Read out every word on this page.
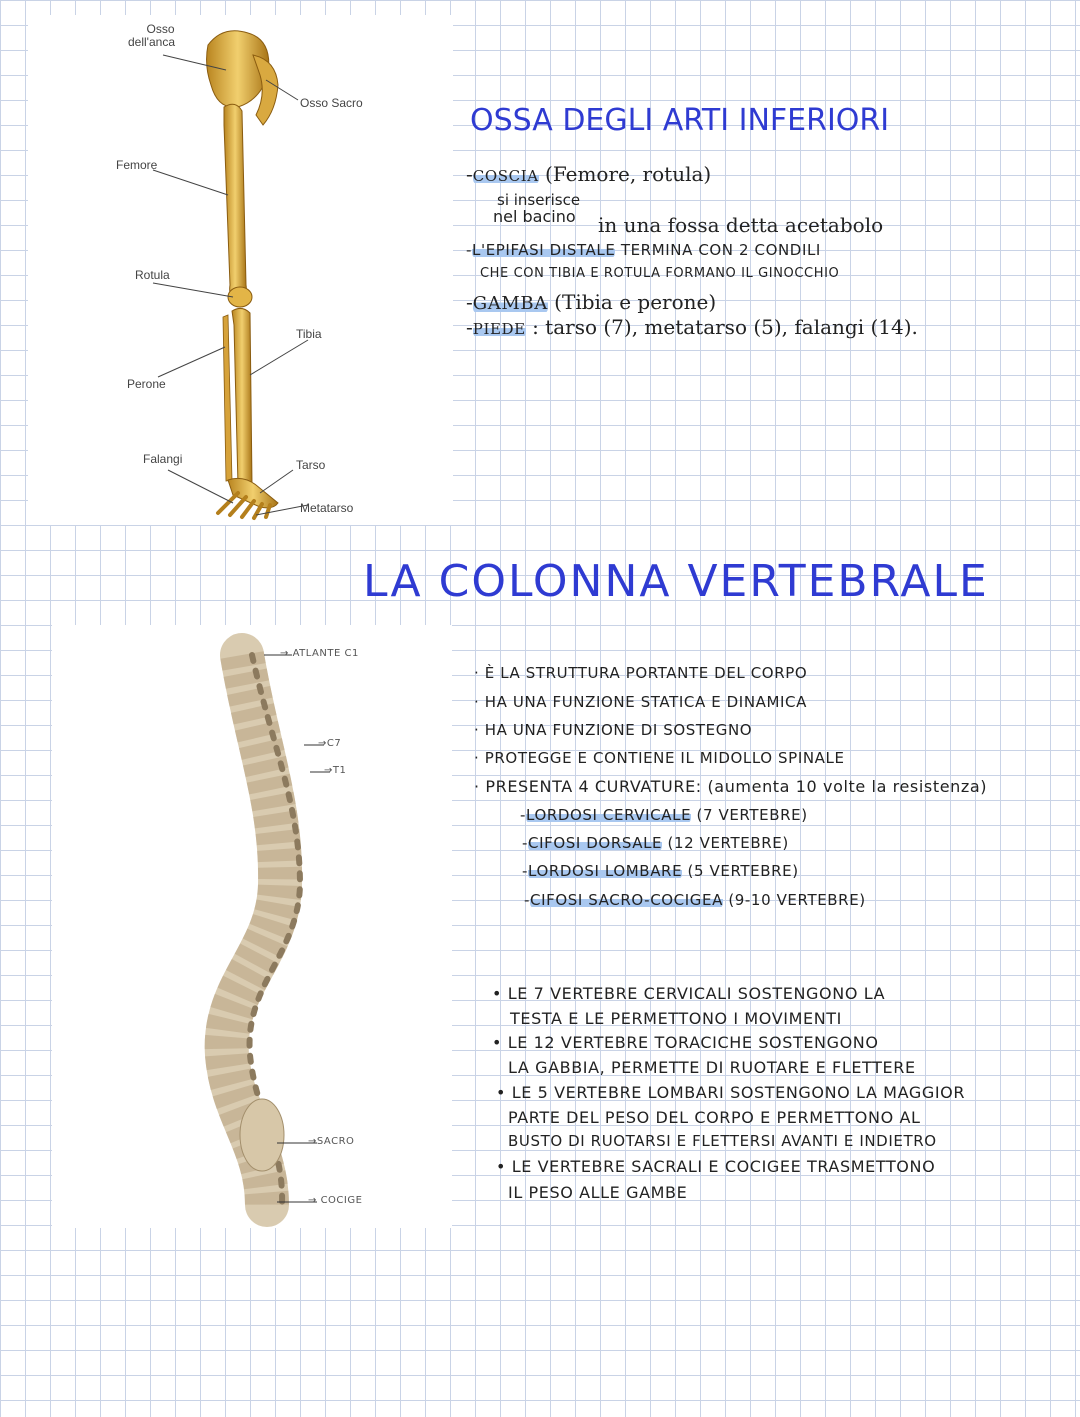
Osso
dell'anca
Osso Sacro
Femore
Rotula
Tibia
Perone
Falangi	Tarso
Metatarso
OSSA DEGLI ARTI INFERIORI
-COSCIA (Femore, rotula)
si inserisce
nel bacino in una fossa detta acetabolo
-L'EPIFASI DISTALE TERMINA CON 2 CONDILI
CHE CON TIBIA E ROTULA FORMANO IL GINOCCHIO
-GAMBA (Tibia e perone)
-PIEDE : tarso (7), metatarso (5), falangi (14).
LA COLONNA VERTEBRALE
→ ATLANTE C1
→C7
→T1
→SACRO
→ COCIGE
· È LA STRUTTURA PORTANTE DEL CORPO
· HA UNA FUNZIONE STATICA E DINAMICA
· HA UNA FUNZIONE DI SOSTEGNO
· PROTEGGE E CONTIENE IL MIDOLLO SPINALE
· PRESENTA 4 CURVATURE: (aumenta 10 volte la resistenza)
-LORDOSI CERVICALE (7 VERTEBRE)
-CIFOSI DORSALE (12 VERTEBRE)
-LORDOSI LOMBARE (5 VERTEBRE)
-CIFOSI SACRO-COCIGEA (9-10 VERTEBRE)
• LE 7 VERTEBRE CERVICALI SOSTENGONO LA
TESTA E LE PERMETTONO I MOVIMENTI
• LE 12 VERTEBRE TORACICHE SOSTENGONO
LA GABBIA, PERMETTE DI RUOTARE E FLETTERE
• LE 5 VERTEBRE LOMBARI SOSTENGONO LA MAGGIOR
PARTE DEL PESO DEL CORPO E PERMETTONO AL
BUSTO DI RUOTARSI E FLETTERSI AVANTI E INDIETRO
• LE VERTEBRE SACRALI E COCIGEE TRASMETTONO
IL PESO ALLE GAMBE
